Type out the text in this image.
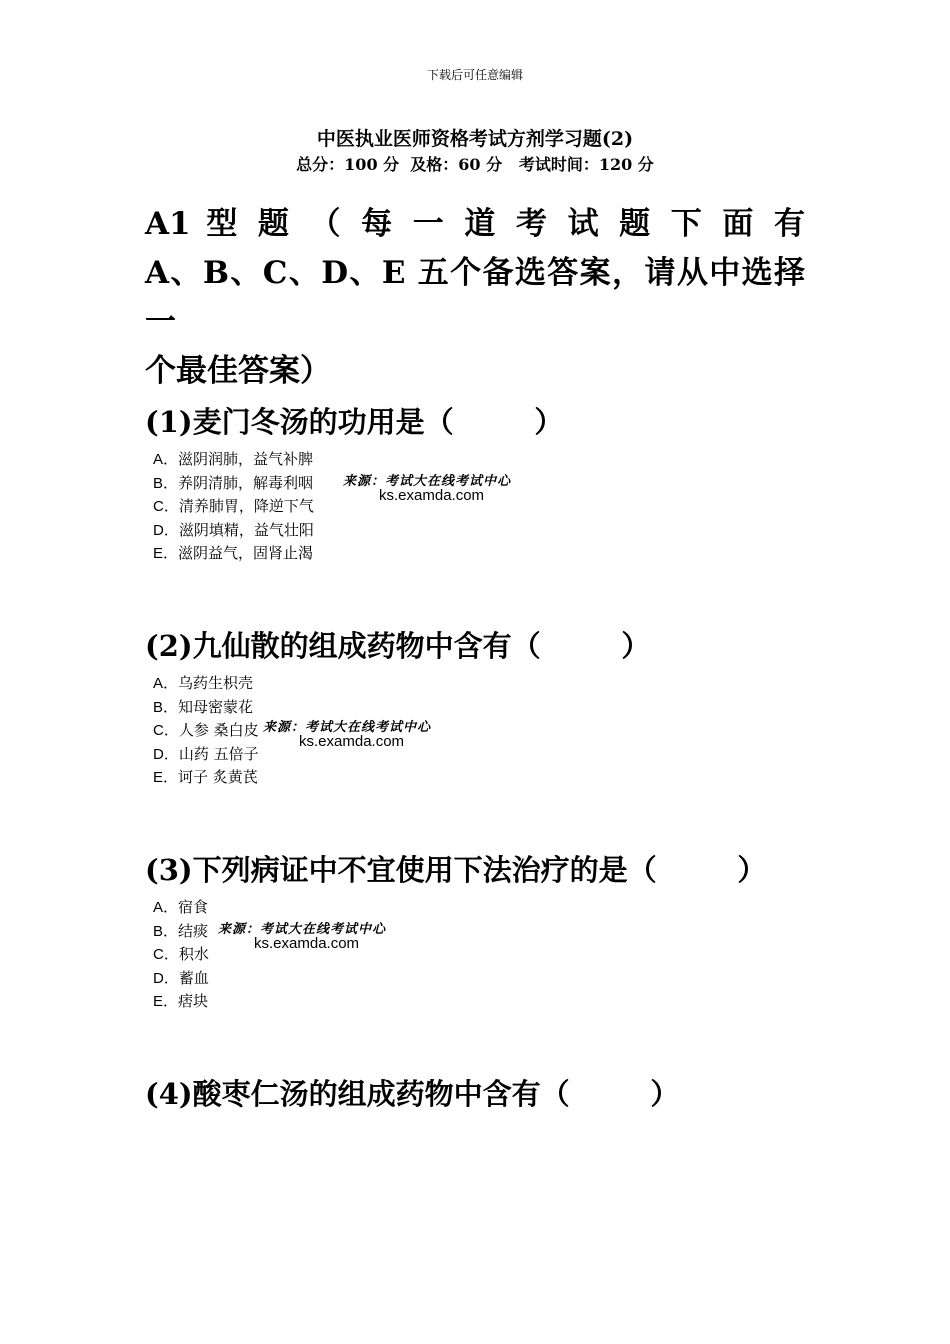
下载后可任意编辑
中医执业医师资格考试方剂学习题(2)
总分：100 分  及格：60 分   考试时间：120 分
A1 型 题 （ 每 一 道 考 试 题 下 面 有
A、B、C、D、E 五个备选答案，请从中选择一
个最佳答案）
(1)麦门冬汤的功用是（        ）
A．滋阴润肺，益气补脾
B．养阴清肺，解毒利咽
C．清养肺胃，降逆下气
D．滋阴填精，益气壮阳
E．滋阴益气，固肾止渴
来源：考试大在线考试中心
ks.examda.com
(2)九仙散的组成药物中含有（        ）
A．乌药生枳壳
B．知母密蒙花
C．人参 桑白皮
D．山药 五倍子
E．诃子 炙黄芪
来源：考试大在线考试中心
ks.examda.com
(3)下列病证中不宜使用下法治疗的是（        ）
A．宿食
B．结痰
C．积水
D．蓄血
E．痞块
来源：考试大在线考试中心
ks.examda.com
(4)酸枣仁汤的组成药物中含有（        ）
